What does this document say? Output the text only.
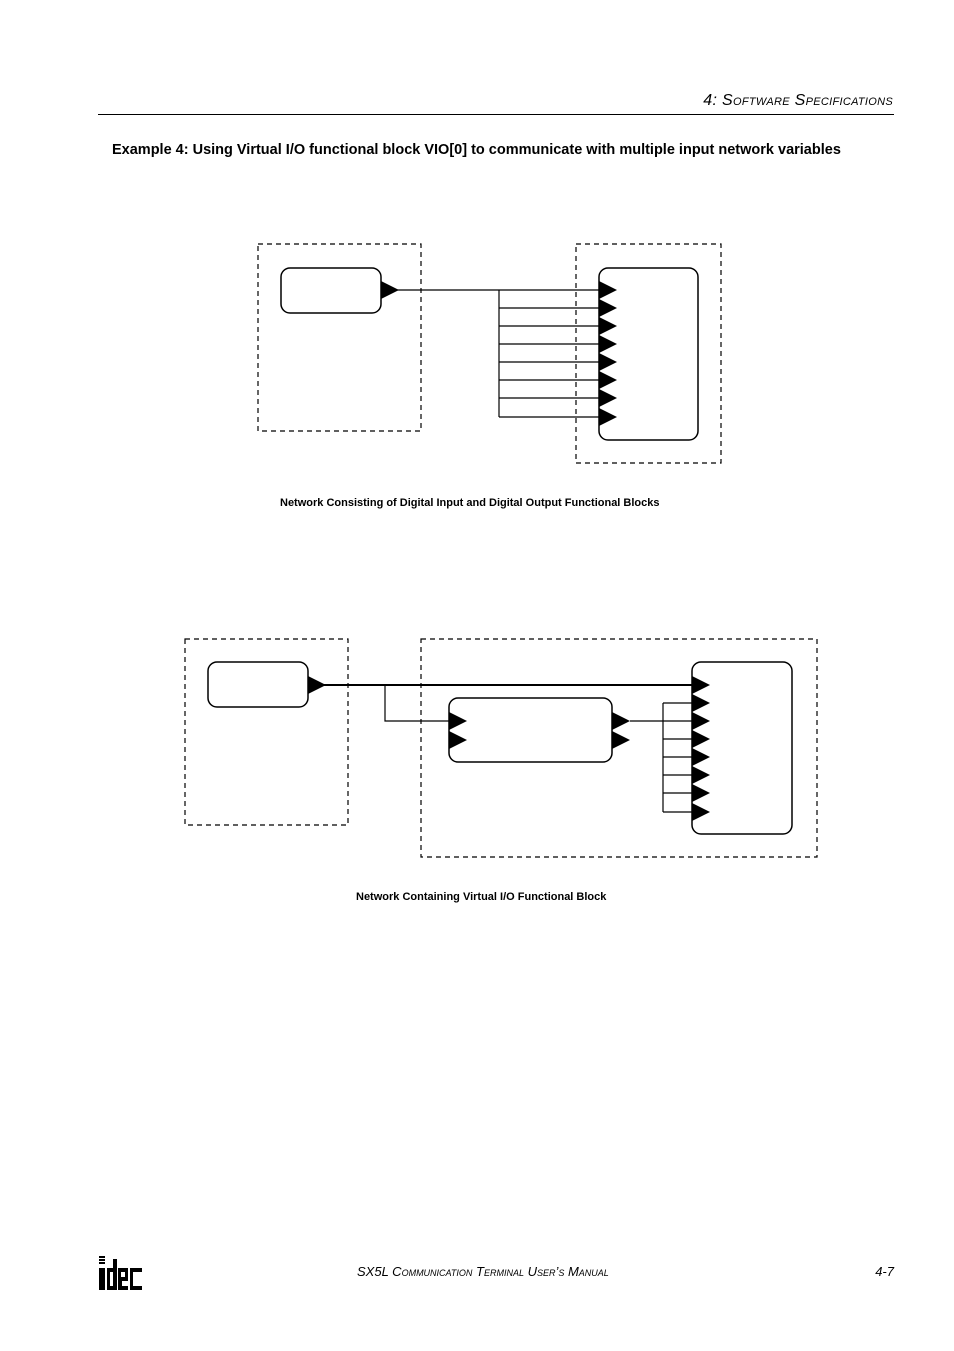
4: Software Specifications
Example 4: Using Virtual I/O functional block VIO[0] to communicate with multiple input network variables
Network Consisting of Digital Input and Digital Output Functional Blocks
Network Containing Virtual I/O Functional Block
SX5L Communication Terminal User’s Manual	4-7
